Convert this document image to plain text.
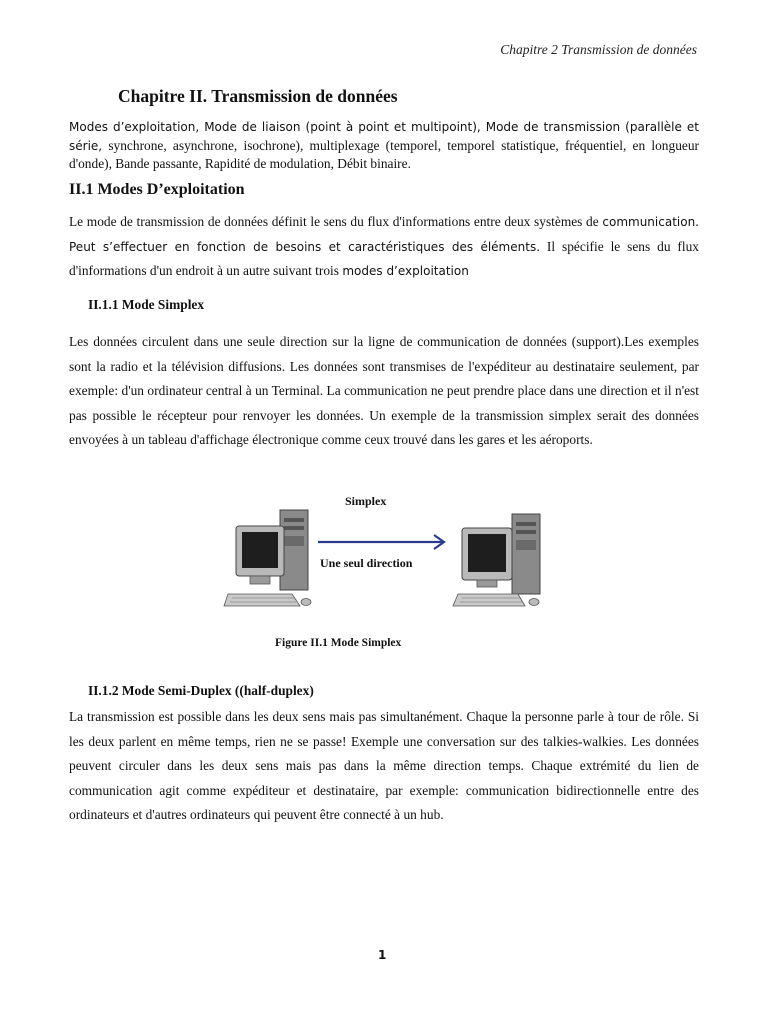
Chapitre 2 Transmission de données
Chapitre II. Transmission de données
Modes d’exploitation, Mode de liaison (point à point et multipoint), Mode de transmission (parallèle et série, synchrone, asynchrone, isochrone), multiplexage (temporel, temporel statistique, fréquentiel, en longueur d'onde), Bande passante, Rapidité de modulation, Débit binaire.
II.1 Modes D’exploitation
Le mode de transmission de données définit le sens du flux d'informations entre deux systèmes de communication. Peut s’effectuer en fonction de besoins et caractéristiques des éléments. Il spécifie le sens du flux d'informations d'un endroit à un autre suivant trois modes d’exploitation
II.1.1 Mode Simplex
Les données circulent dans une seule direction sur la ligne de communication de données (support).Les exemples sont la radio et la télévision diffusions. Les données sont transmises de l'expéditeur au destinataire seulement, par exemple: d'un ordinateur central à un Terminal. La communication ne peut prendre place dans une direction et il n'est pas possible le récepteur pour renvoyer les données. Un exemple de la transmission simplex serait des données envoyées à un tableau d'affichage électronique comme ceux trouvé dans les gares et les aéroports.
Simplex
Une seul direction
Figure II.1 Mode Simplex
II.1.2 Mode Semi-Duplex ((half-duplex)
La transmission est possible dans les deux sens mais pas simultanément. Chaque la personne parle à tour de rôle. Si les deux parlent en même temps, rien ne se passe! Exemple une conversation sur des talkies-walkies. Les données peuvent circuler dans les deux sens mais pas dans la même direction temps. Chaque extrémité du lien de communication agit comme expéditeur et destinataire, par exemple: communication bidirectionnelle entre des ordinateurs et d'autres ordinateurs qui peuvent être connecté à un hub.
1
